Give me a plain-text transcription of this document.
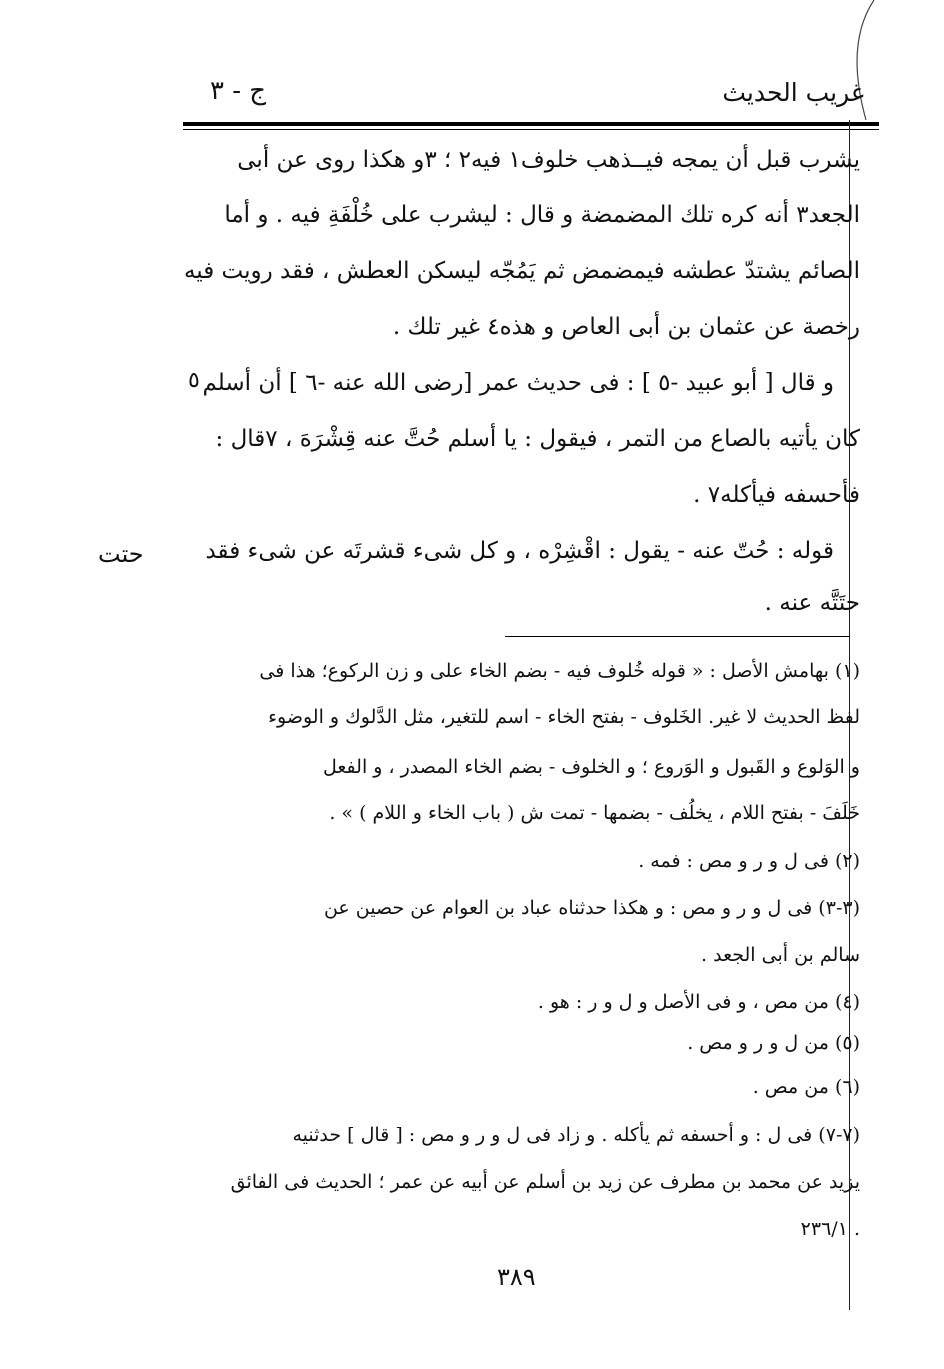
غريب الحديث
ج - ٣
يشرب قبل أن يمجه فيــذهب خلوف١ فيه٢ ؛ ٣و هكذا روى عن أبى
الجعد٣ أنه كره تلك المضمضة و قال : ليشرب على خُلْفَةِ فيه . و أما
الصائم يشتدّ عطشه فيمضمض ثم يَمُجّه ليسكن العطش ، فقد رويت فيه
رخصة عن عثمان بن أبى العاص و هذه٤ غير تلك .
و قال [ أبو عبيد -٥ ] : فى حديث عمر [رضى الله عنه -٦ ] أن أسلم
كان يأتيه بالصاع من التمر ، فيقول : يا أسلم حُتَّ عنه قِشْرَهَ ، ٧قال :
فأحسفه فيأكله٧ .
قوله : حُتّ عنه - يقول : اقْشِرْه ، و كل شىء قشرتَه عن شىء فقد
حتَتَّه عنه .
٥
حتت
(١) بهامش الأصل : « قوله خُلوف فيه - بضم الخاء على و زن الركوع؛ هذا فى
لفظ الحديث لا غير. الخَلوف - بفتح الخاء - اسم للتغير، مثل الدَّلوك و الوضوء
و الوَلوع و القَبول و الوَروع ؛ و الخلوف - بضم الخاء المصدر ، و الفعل
خَلَفَ - بفتح اللام ، يخلُف - بضمها - تمت ش ( باب الخاء و اللام ) » .
(٢) فى ل و ر و مص : فمه .
(٣-٣) فى ل و ر و مص : و هكذا حدثناه عباد بن العوام عن حصين عن
سالم بن أبى الجعد .
(٤) من مص ، و فى الأصل و ل و ر : هو .
(٥) من ل و ر و مص .
(٦) من مص .
(٧-٧) فى ل : و أحسفه ثم يأكله . و زاد فى ل و ر و مص : [ قال ] حدثنيه
يزيد عن محمد بن مطرف عن زيد بن أسلم عن أبيه عن عمر ؛ الحديث فى الفائق
. ٢٣٦/١
٣٨٩
